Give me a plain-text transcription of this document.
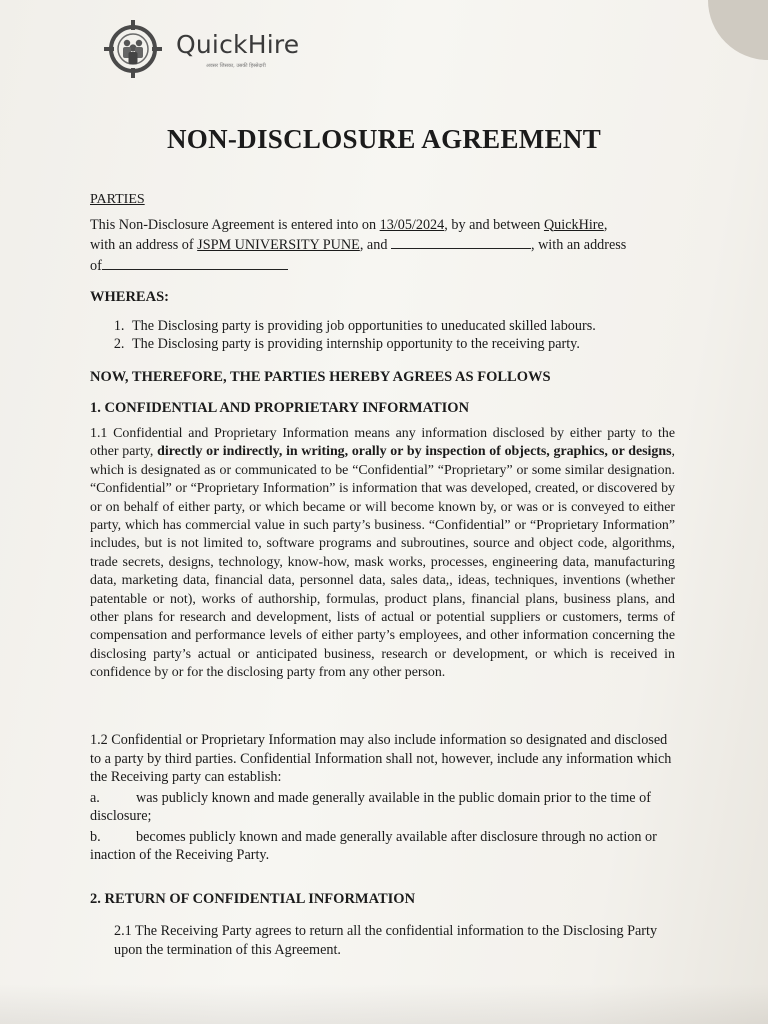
QuickHire
अवसर जिसका, उसकी हिस्सेदारी
NON-DISCLOSURE AGREEMENT
PARTIES
This Non-Disclosure Agreement is entered into on 13/05/2024, by and between QuickHire,
with an address of JSPM UNIVERSITY PUNE, and	, with an address
of
WHEREAS:
1. The Disclosing party is providing job opportunities to uneducated skilled labours.
2. The Disclosing party is providing internship opportunity to the receiving party.
NOW, THEREFORE, THE PARTIES HEREBY AGREES AS FOLLOWS
1. CONFIDENTIAL AND PROPRIETARY INFORMATION
1.1 Confidential and Proprietary Information means any information disclosed by either party to the other party, directly or indirectly, in writing, orally or by inspection of objects, graphics, or designs, which is designated as or communicated to be “Confidential” “Proprietary” or some similar designation. “Confidential” or “Proprietary Information” is information that was developed, created, or discovered by or on behalf of either party, or which became or will become known by, or was or is conveyed to either party, which has commercial value in such party’s business. “Confidential” or “Proprietary Information” includes, but is not limited to, software programs and subroutines, source and object code, algorithms, trade secrets, designs, technology, know-how, mask works, processes, engineering data, manufacturing data, marketing data, financial data, personnel data, sales data,, ideas, techniques, inventions (whether patentable or not), works of authorship, formulas, product plans, financial plans, business plans, and other plans for research and development, lists of actual or potential suppliers or customers, terms of compensation and performance levels of either party’s employees, and other information concerning the disclosing party’s actual or anticipated business, research or development, or which is received in confidence by or for the disclosing party from any other person.
1.2 Confidential or Proprietary Information may also include information so designated and disclosed to a party by third parties. Confidential Information shall not, however, include any information which the Receiving party can establish:
a.	was publicly known and made generally available in the public domain prior to the time of disclosure;
b. becomes publicly known and made generally available after disclosure through no action or inaction of the Receiving Party.
2. RETURN OF CONFIDENTIAL INFORMATION
2.1 The Receiving Party agrees to return all the confidential information to the Disclosing Party upon the termination of this Agreement.
